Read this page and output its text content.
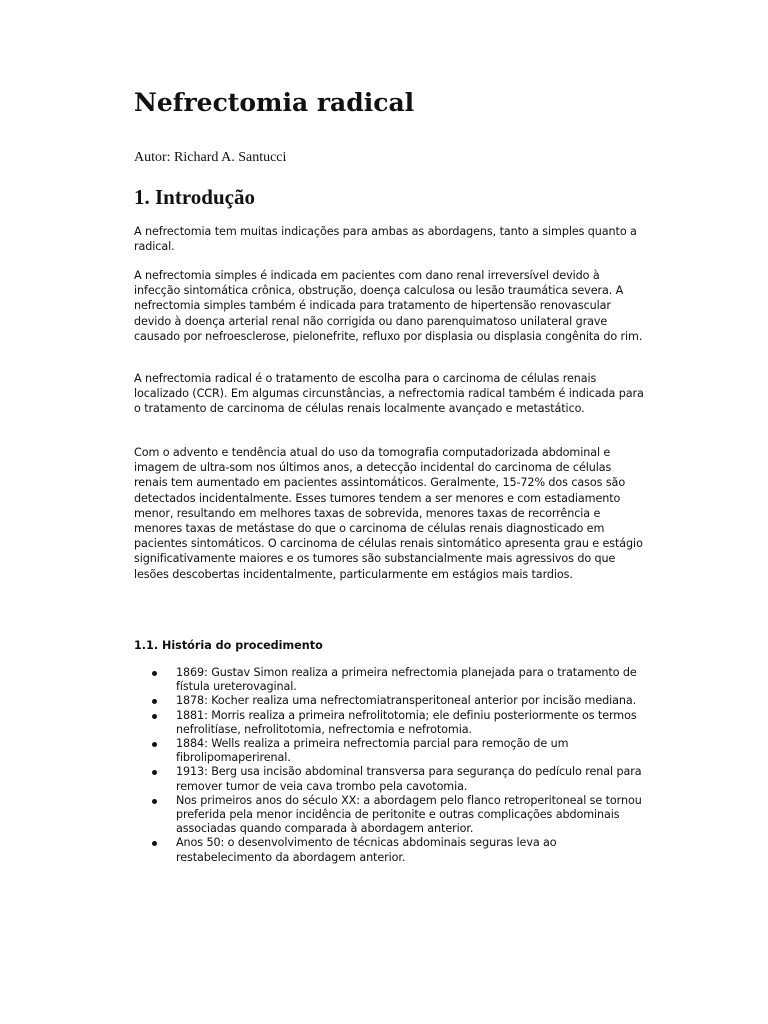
Nefrectomia radical
Autor: Richard A. Santucci
1. Introdução

A nefrectomia tem muitas indicações para ambas as abordagens, tanto a simples quanto a radical.

A nefrectomia simples é indicada em pacientes com dano renal irreversível devido à infecção sintomática crônica, obstrução, doença calculosa ou lesão traumática severa. A nefrectomia simples também é indicada para tratamento de hipertensão renovascular devido à doença arterial renal não corrigida ou dano parenquimatoso unilateral grave causado por nefroesclerose, pielonefrite, refluxo por displasia ou displasia congênita do rim.

A nefrectomia radical é o tratamento de escolha para o carcinoma de células renais localizado (CCR). Em algumas circunstâncias, a nefrectomia radical também é indicada para o tratamento de carcinoma de células renais localmente avançado e metastático.

Com o advento e tendência atual do uso da tomografia computadorizada abdominal e imagem de ultra-som nos últimos anos, a detecção incidental do carcinoma de células renais tem aumentado em pacientes assintomáticos. Geralmente, 15-72% dos casos são detectados incidentalmente. Esses tumores tendem a ser menores e com estadiamento menor, resultando em melhores taxas de sobrevida, menores taxas de recorrência e menores taxas de metástase do que o carcinoma de células renais diagnosticado em pacientes sintomáticos. O carcinoma de células renais sintomático apresenta grau e estágio significativamente maiores e os tumores são substancialmente mais agressivos do que lesões descobertas incidentalmente, particularmente em estágios mais tardios.

1.1. História do procedimento
1869: Gustav Simon realiza a primeira nefrectomia planejada para o tratamento de fístula ureterovaginal.
1878: Kocher realiza uma nefrectomiatransperitoneal anterior por incisão mediana.
1881: Morris realiza a primeira nefrolitotomia; ele definiu posteriormente os termos nefrolitíase, nefrolitotomia, nefrectomia e nefrotomia.
1884: Wells realiza a primeira nefrectomia parcial para remoção de um fibrolipomaperirenal.
1913: Berg usa incisão abdominal transversa para segurança do pedículo renal para remover tumor de veia cava trombo pela cavotomia.
Nos primeiros anos do século XX: a abordagem pelo flanco retroperitoneal se tornou preferida pela menor incidência de peritonite e outras complicações abdominais associadas quando comparada à abordagem anterior.
Anos 50: o desenvolvimento de técnicas abdominais seguras leva ao restabelecimento da abordagem anterior.
